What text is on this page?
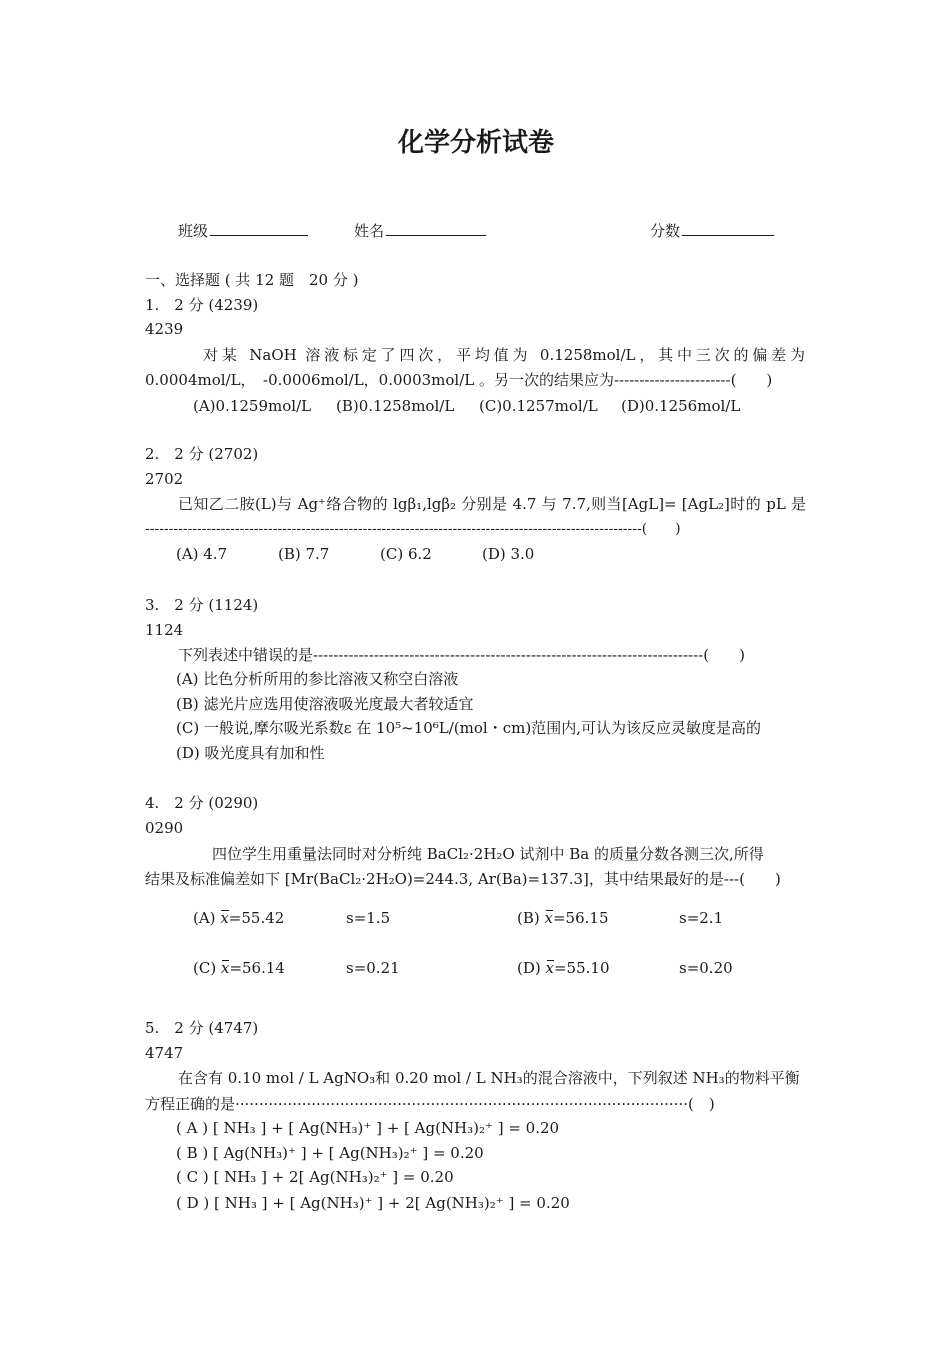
化学分析试卷
班级	姓名	分数
一、选择题 ( 共 12 题　20 分 )
1.　2 分 (4239)
4239
对某 NaOH 溶液标定了四次，平均值为 0.1258mol/L，其中三次的偏差为
0.0004mol/L，　-0.0006mol/L，0.0003mol/L 。另一次的结果应为-----------------------(　　)
(A)0.1259mol/L (B)0.1258mol/L (C)0.1257mol/L (D)0.1256mol/L
2.　2 分 (2702)
2702
已知乙二胺(L)与 Ag⁺络合物的 lgβ₁,lgβ₂ 分别是 4.7 与 7.7,则当[AgL]= [AgL₂]时的 pL 是
---------------------------------------------------------------------------------------------------------(　　)
(A) 4.7	(B) 7.7	(C) 6.2	(D) 3.0
3.　2 分 (1124)
1124
下列表述中错误的是-----------------------------------------------------------------------------(　　)
(A) 比色分析所用的参比溶液又称空白溶液
(B) 滤光片应选用使溶液吸光度最大者较适宜
(C) 一般说,摩尔吸光系数ε 在 10⁵~10⁶L/(mol・cm)范围内,可认为该反应灵敏度是高的
(D) 吸光度具有加和性
4.　2 分 (0290)
0290
四位学生用重量法同时对分析纯 BaCl₂·2H₂O 试剂中 Ba 的质量分数各测三次,所得
结果及标准偏差如下 [Mr(BaCl₂·2H₂O)=244.3, Ar(Ba)=137.3]，其中结果最好的是---(　　)
(A) x=55.42	s=1.5	(B) x=56.15	s=2.1
(C) x=56.14	s=0.21	(D) x=55.10	s=0.20
5.　2 分 (4747)
4747
在含有 0.10 mol / L AgNO₃和 0.20 mol / L NH₃的混合溶液中，下列叙述 NH₃的物料平衡
方程正确的是·······························································································(　)
( A ) [ NH₃ ] + [ Ag(NH₃)⁺ ] + [ Ag(NH₃)₂⁺ ] = 0.20
( B ) [ Ag(NH₃)⁺ ] + [ Ag(NH₃)₂⁺ ] = 0.20
( C ) [ NH₃ ] + 2[ Ag(NH₃)₂⁺ ] = 0.20
( D ) [ NH₃ ] + [ Ag(NH₃)⁺ ] + 2[ Ag(NH₃)₂⁺ ] = 0.20
